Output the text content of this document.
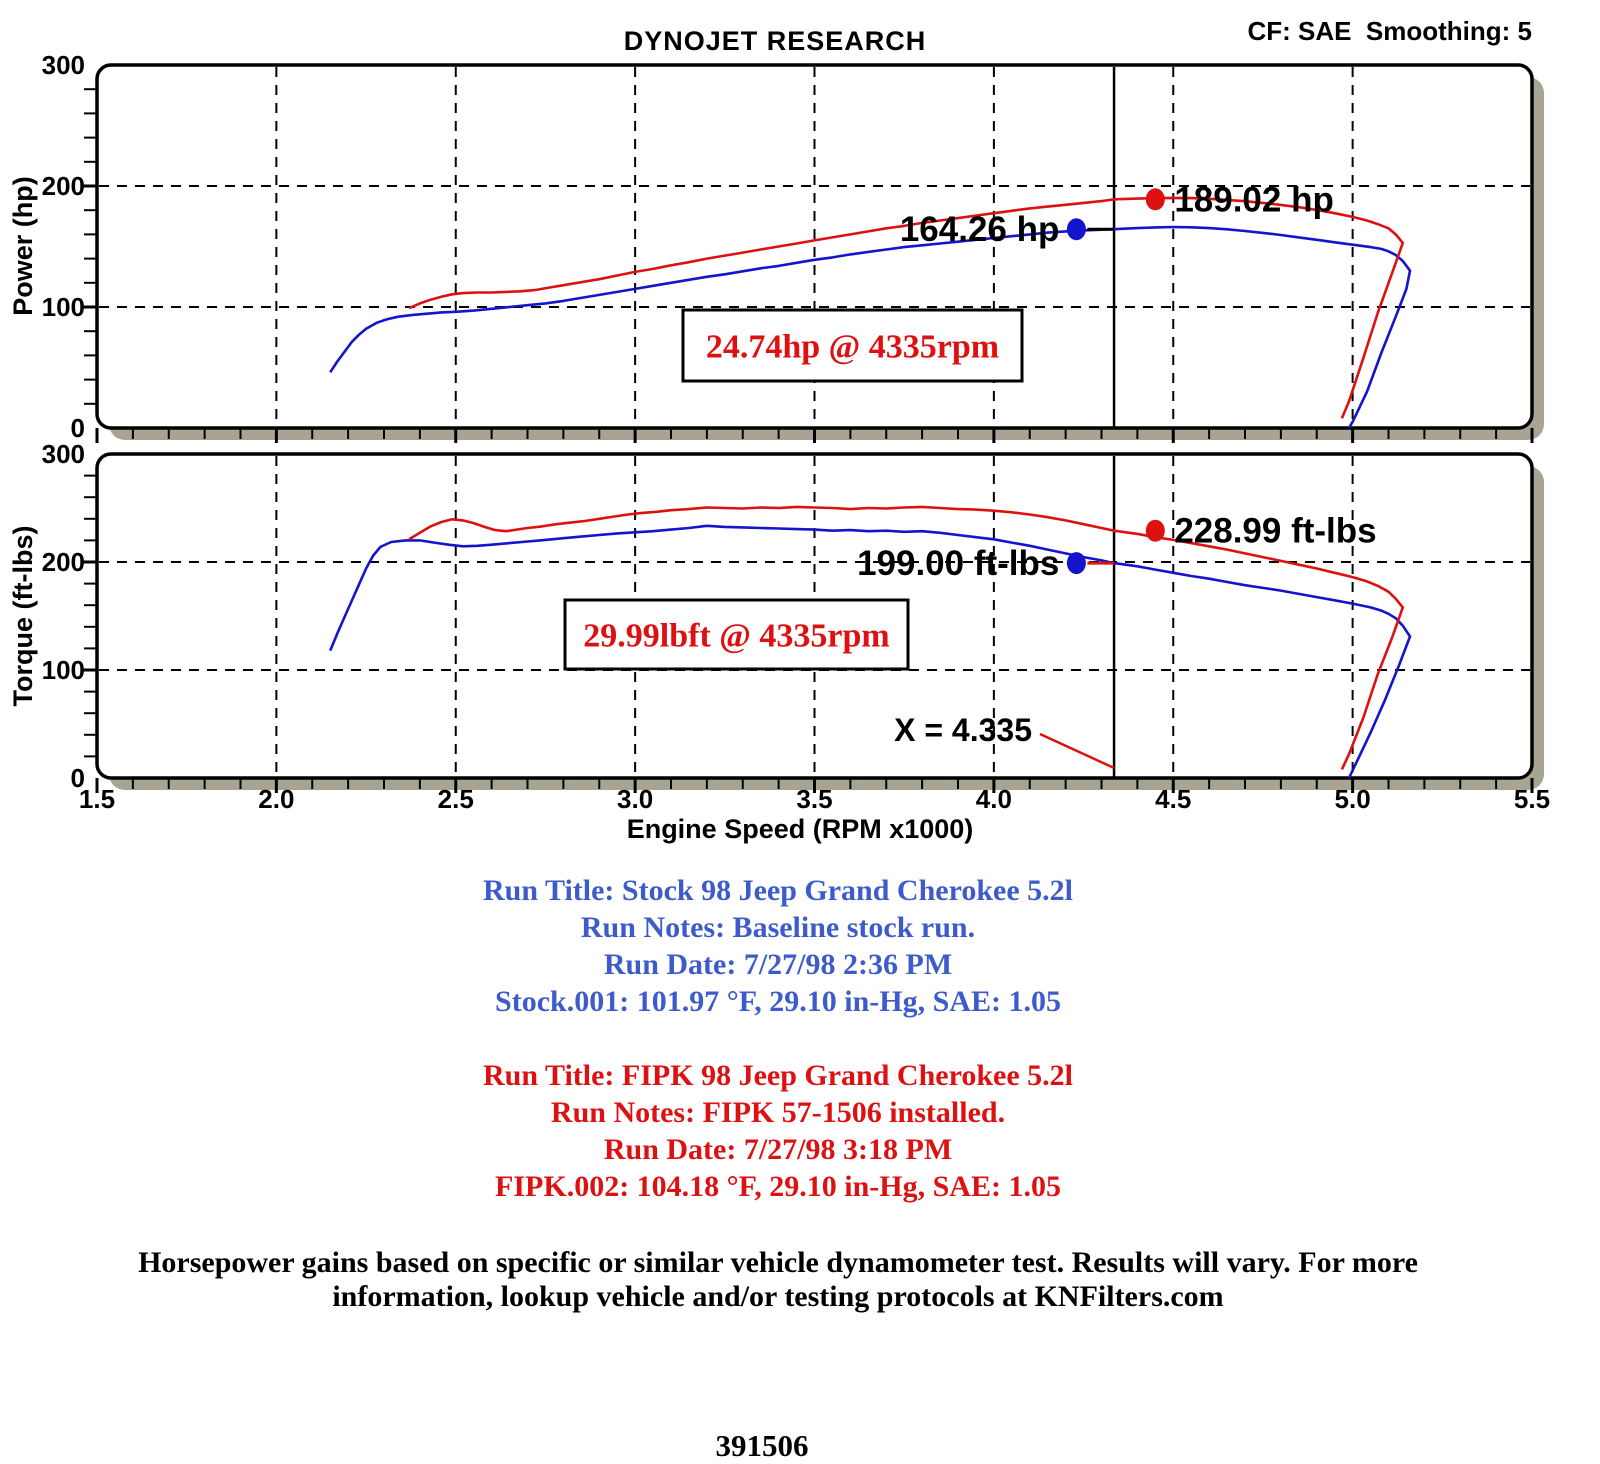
DYNOJET RESEARCH	CF: SAE  Smoothing: 5
0
100
200
300
24.74hp @ 4335rpm
189.02 hp
164.26 hp
0
100
200
300
29.99lbft @ 4335rpm
228.99 ft-lbs
199.00 ft-lbs
X = 4.335
1.5	2.0	2.5	3.0	3.5	4.0	4.5	5.0	5.5
Engine Speed (RPM x1000)
Power (hp)
Torque (ft-lbs)
Run Title: Stock 98 Jeep Grand Cherokee 5.2l
Run Notes: Baseline stock run.
Run Date: 7/27/98 2:36 PM
Stock.001: 101.97 °F, 29.10 in-Hg, SAE: 1.05
Run Title: FIPK 98 Jeep Grand Cherokee 5.2l
Run Notes: FIPK 57-1506 installed.
Run Date: 7/27/98 3:18 PM
FIPK.002: 104.18 °F, 29.10 in-Hg, SAE: 1.05
Horsepower gains based on specific or similar vehicle dynamometer test. Results will vary. For more
information, lookup vehicle and/or testing protocols at KNFilters.com
391506
